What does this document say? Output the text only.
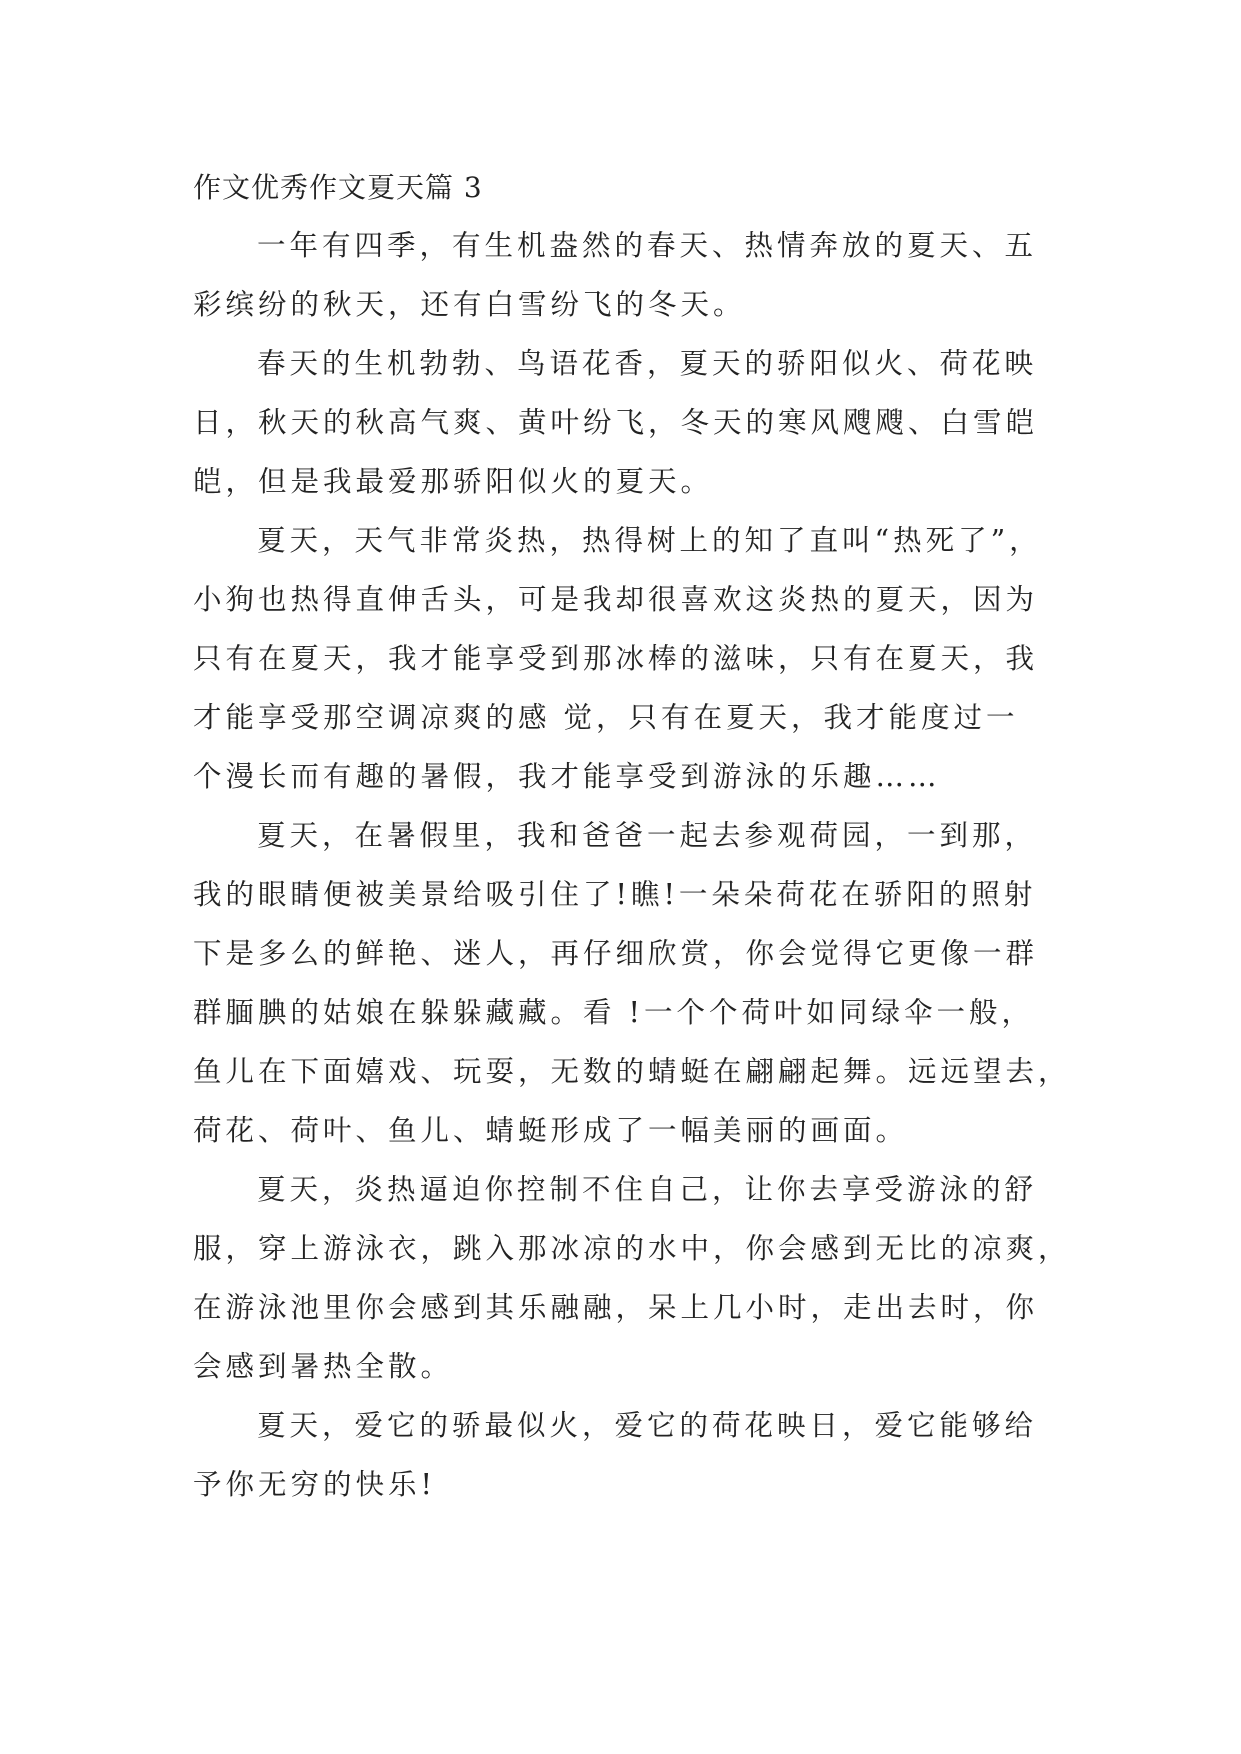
作文优秀作文夏天篇 3

一年有四季，有生机盎然的春天、热情奔放的夏天、五
彩缤纷的秋天，还有白雪纷飞的冬天。

春天的生机勃勃、鸟语花香，夏天的骄阳似火、荷花映
日，秋天的秋高气爽、黄叶纷飞，冬天的寒风飕飕、白雪皑
皑，但是我最爱那骄阳似火的夏天。

夏天，天气非常炎热，热得树上的知了直叫“热死了”，
小狗也热得直伸舌头，可是我却很喜欢这炎热的夏天，因为
只有在夏天，我才能享受到那冰棒的滋味，只有在夏天，我
才能享受那空调凉爽的感 觉，只有在夏天，我才能度过一
个漫长而有趣的暑假，我才能享受到游泳的乐趣……

夏天，在暑假里，我和爸爸一起去参观荷园，一到那，
我的眼睛便被美景给吸引住了!瞧!一朵朵荷花在骄阳的照射
下是多么的鲜艳、迷人，再仔细欣赏，你会觉得它更像一群
群腼腆的姑娘在躲躲藏藏。看 !一个个荷叶如同绿伞一般，
鱼儿在下面嬉戏、玩耍，无数的蜻蜓在翩翩起舞。远远望去，
荷花、荷叶、鱼儿、蜻蜓形成了一幅美丽的画面。

夏天，炎热逼迫你控制不住自己，让你去享受游泳的舒
服，穿上游泳衣，跳入那冰凉的水中，你会感到无比的凉爽，
在游泳池里你会感到其乐融融，呆上几小时，走出去时，你
会感到暑热全散。

夏天，爱它的骄最似火，爱它的荷花映日，爱它能够给
予你无穷的快乐!
